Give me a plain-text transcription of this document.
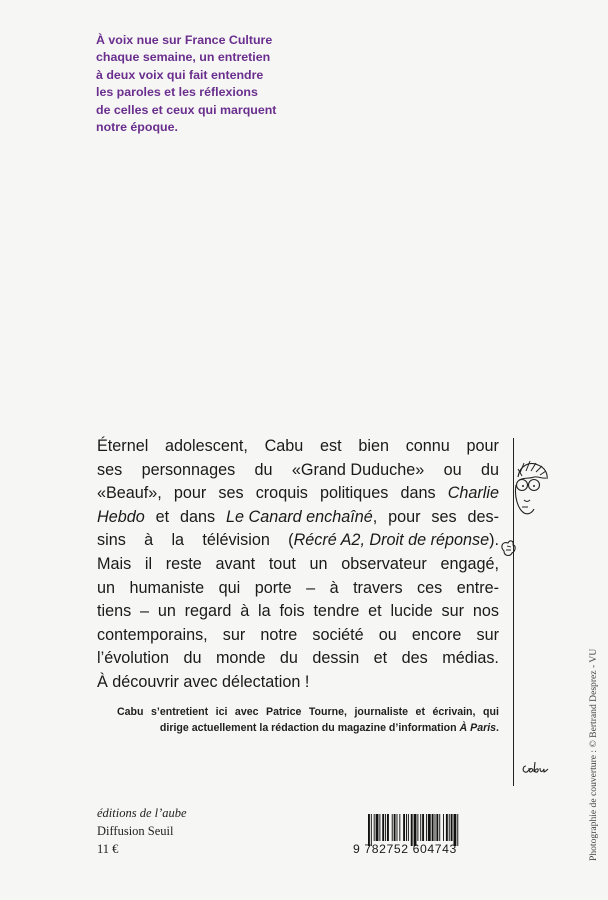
À voix nue sur France Culture
chaque semaine, un entretien
à deux voix qui fait entendre
les paroles et les réflexions
de celles et ceux qui marquent
notre époque.
Éternel adolescent, Cabu est bien connu pour
ses personnages du «Grand Duduche» ou du
«Beauf», pour ses croquis politiques dans Charlie
Hebdo et dans Le Canard enchaîné, pour ses des-
sins à la télévision (Récré A2, Droit de réponse).
Mais il reste avant tout un observateur engagé,
un humaniste qui porte – à travers ces entre-
tiens – un regard à la fois tendre et lucide sur nos
contemporains, sur notre société ou encore sur
l’évolution du monde du dessin et des médias.
À découvrir avec délectation !
Cabu s’entretient ici avec Patrice Tourne, journaliste et écrivain, qui
dirige actuellement la rédaction du magazine d’information À Paris.
éditions de l’aube
Diffusion Seuil
11 €	9 782752 604743	Photographie de couverture : © Bertrand Desprez - VU
